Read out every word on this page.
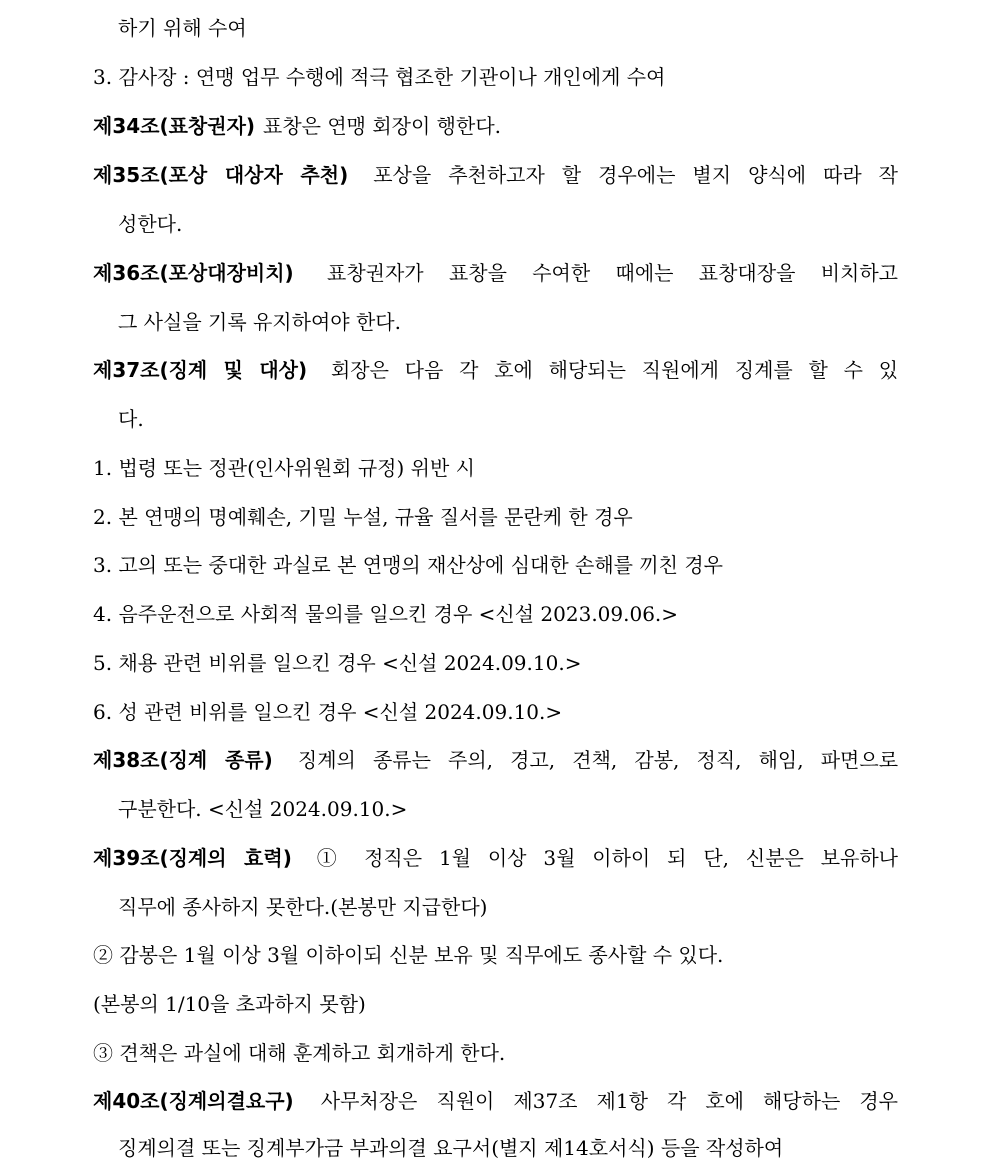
하기 위해 수여
3. 감사장 : 연맹 업무 수행에 적극 협조한 기관이나 개인에게 수여
제34조(표창권자) 표창은 연맹 회장이 행한다.
제35조(포상 대상자 추천) 포상을 추천하고자 할 경우에는 별지 양식에 따라 작
성한다.
제36조(포상대장비치) 표창권자가 표창을 수여한 때에는 표창대장을 비치하고
그 사실을 기록 유지하여야 한다.
제37조(징계 및 대상) 회장은 다음 각 호에 해당되는 직원에게 징계를 할 수 있
다.
1. 법령 또는 정관(인사위원회 규정) 위반 시
2. 본 연맹의 명예훼손, 기밀 누설, 규율 질서를 문란케 한 경우
3. 고의 또는 중대한 과실로 본 연맹의 재산상에 심대한 손해를 끼친 경우
4. 음주운전으로 사회적 물의를 일으킨 경우 <신설 2023.09.06.>
5. 채용 관련 비위를 일으킨 경우 <신설 2024.09.10.>
6. 성 관련 비위를 일으킨 경우 <신설 2024.09.10.>
제38조(징계 종류) 징계의 종류는 주의, 경고, 견책, 감봉, 정직, 해임, 파면으로
구분한다. <신설 2024.09.10.>
제39조(징계의 효력) ① 정직은 1월 이상 3월 이하이 되 단, 신분은 보유하나
직무에 종사하지 못한다.(본봉만 지급한다)
② 감봉은 1월 이상 3월 이하이되 신분 보유 및 직무에도 종사할 수 있다.
(본봉의 1/10을 초과하지 못함)
③ 견책은 과실에 대해 훈계하고 회개하게 한다.
제40조(징계의결요구) 사무처장은 직원이 제37조 제1항 각 호에 해당하는 경우
징계의결 또는 징계부가금 부과의결 요구서(별지 제14호서식) 등을 작성하여
